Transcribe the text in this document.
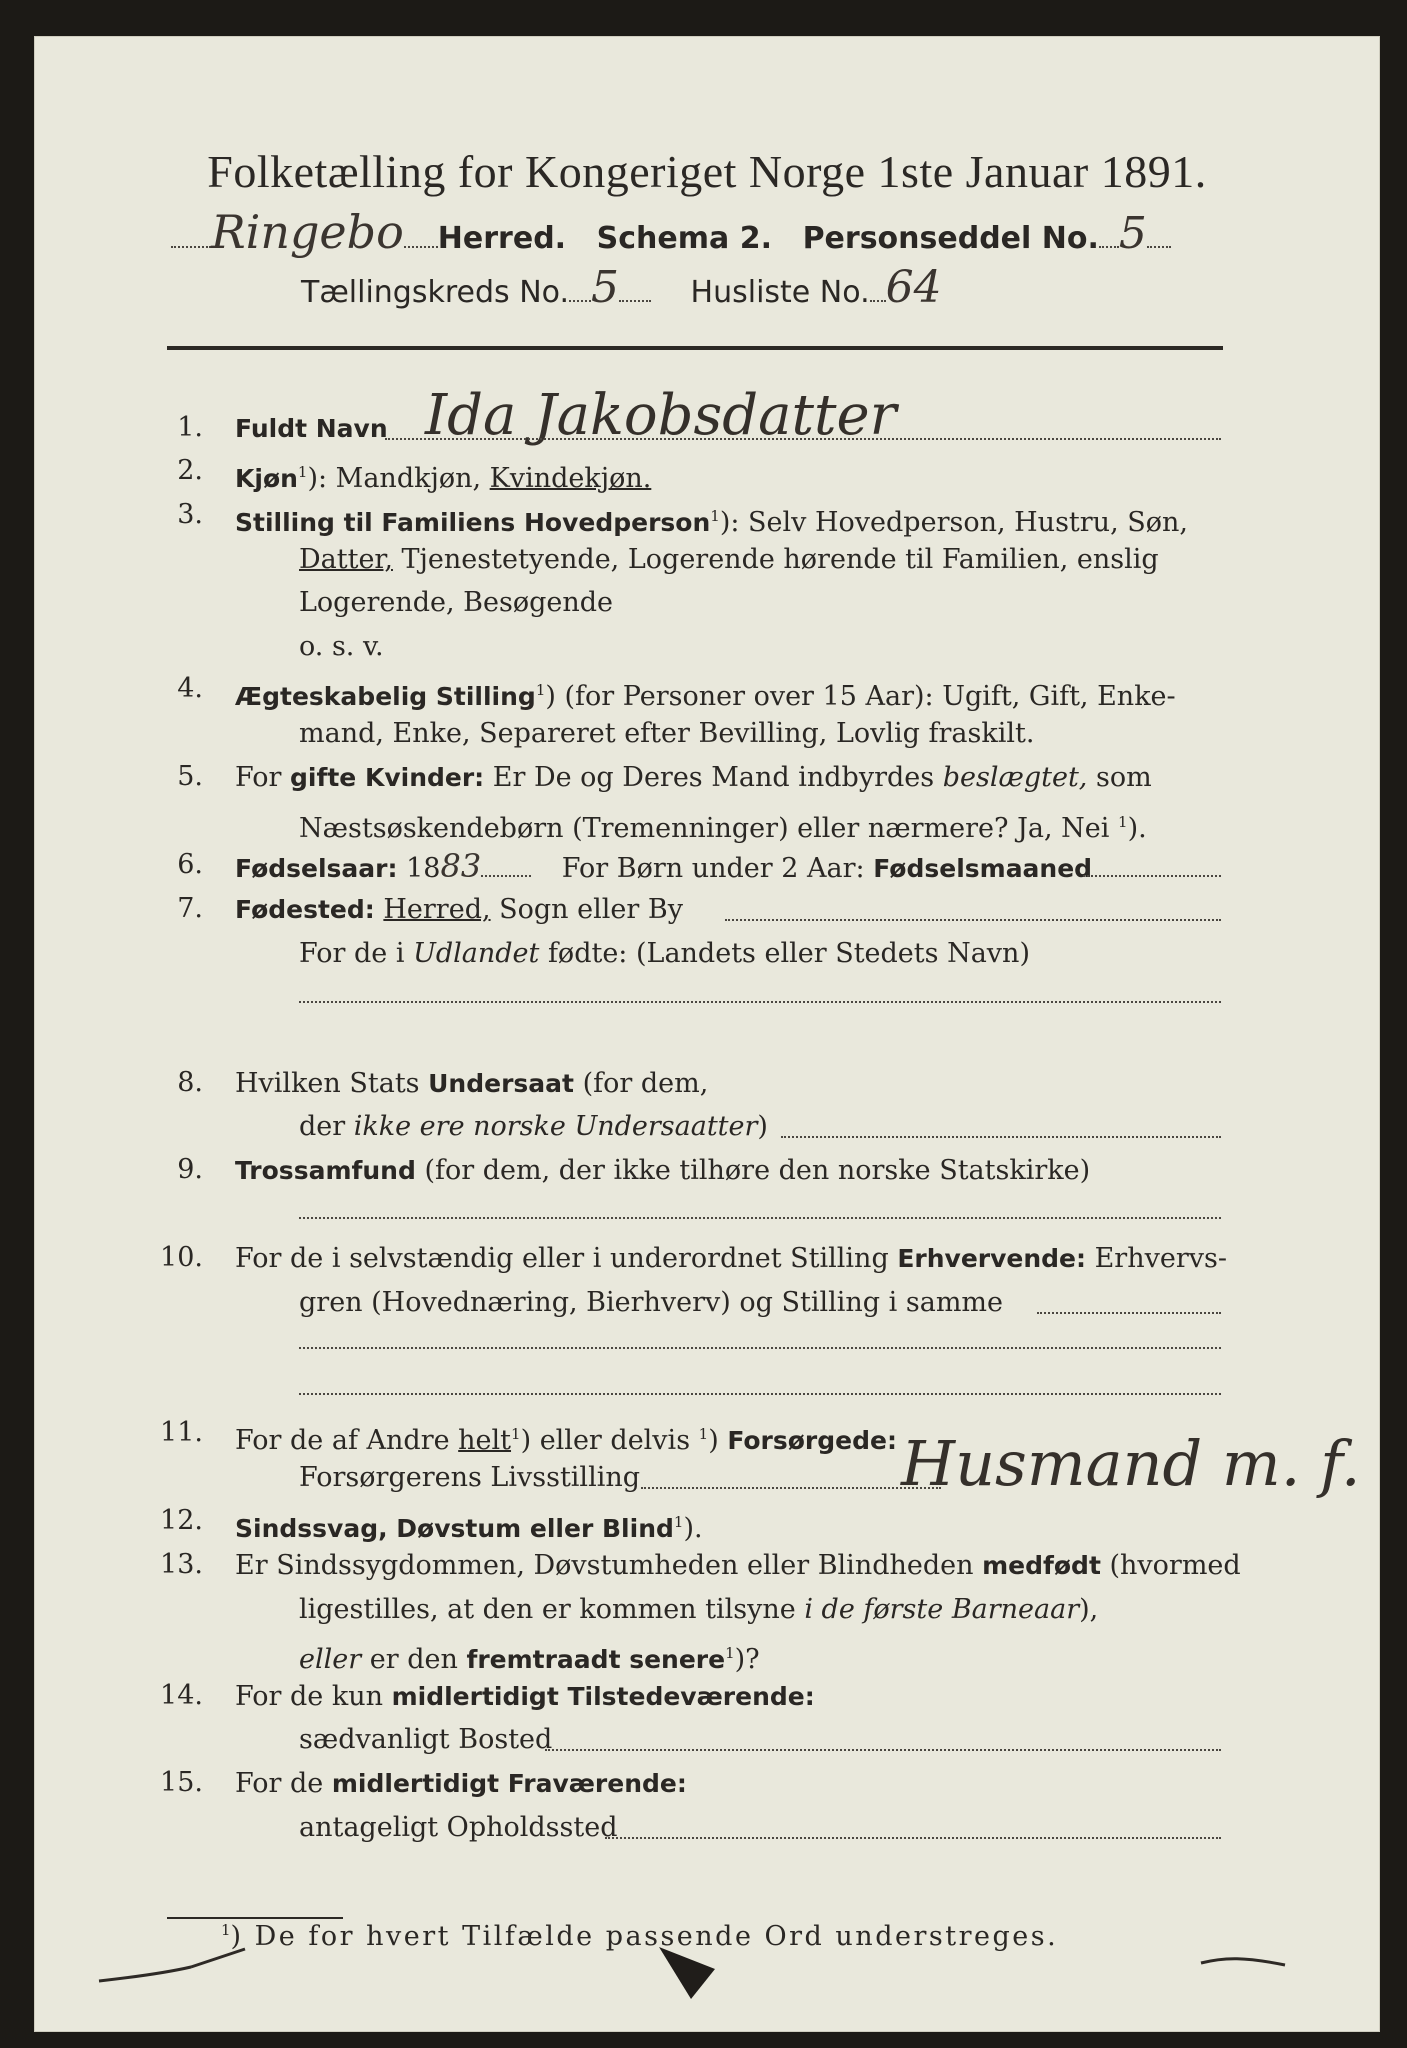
Folketælling for Kongeriget Norge 1ste Januar 1891.
Ringebo Herred. Schema 2. Personseddel No. 5
Tællingskreds No. 5 Husliste No. 64
1. Fuldt Navn Ida Jakobsdatter
2. Kjøn$^1$): Mandkjøn, Kvindekjøn.
3. Stilling til Familiens Hovedperson$^1$): Selv Hovedperson, Hustru, Søn,
Datter, Tjenestetyende, Logerende hørende til Familien, enslig
Logerende, Besøgende
o. s. v.
4. Ægteskabelig Stilling$^1$) (for Personer over 15 Aar): Ugift, Gift, Enke-
mand, Enke, Separeret efter Bevilling, Lovlig fraskilt.
5. For gifte Kvinder: Er De og Deres Mand indbyrdes beslægtet, som
Næstsøskendebørn (Tremenninger) eller nærmere? Ja, Nei $^1$).
6. Fødselsaar: 1883	For Børn under 2 Aar: Fødselsmaaned
7. Fødested: Herred, Sogn eller By
For de i Udlandet fødte: (Landets eller Stedets Navn)
8. Hvilken Stats Undersaat (for dem,
der ikke ere norske Undersaatter)
9. Trossamfund (for dem, der ikke tilhøre den norske Statskirke)
10. For de i selvstændig eller i underordnet Stilling Erhvervende: Erhvervs-
gren (Hovednæring, Bierhverv) og Stilling i samme
11. For de af Andre helt$^1$) eller delvis $^1$) Forsørgede:
Forsørgerens Livsstilling	Husmand m. f.
12. Sindssvag, Døvstum eller Blind$^1$).
13. Er Sindssygdommen, Døvstumheden eller Blindheden medfødt (hvormed
ligestilles, at den er kommen tilsyne i de første Barneaar),
eller er den fremtraadt senere$^1$)?
14. For de kun midlertidigt Tilstedeværende:
sædvanligt Bosted
15. For de midlertidigt Fraværende:
antageligt Opholdssted
$^1$) De for hvert Tilfælde passende Ord understreges.
